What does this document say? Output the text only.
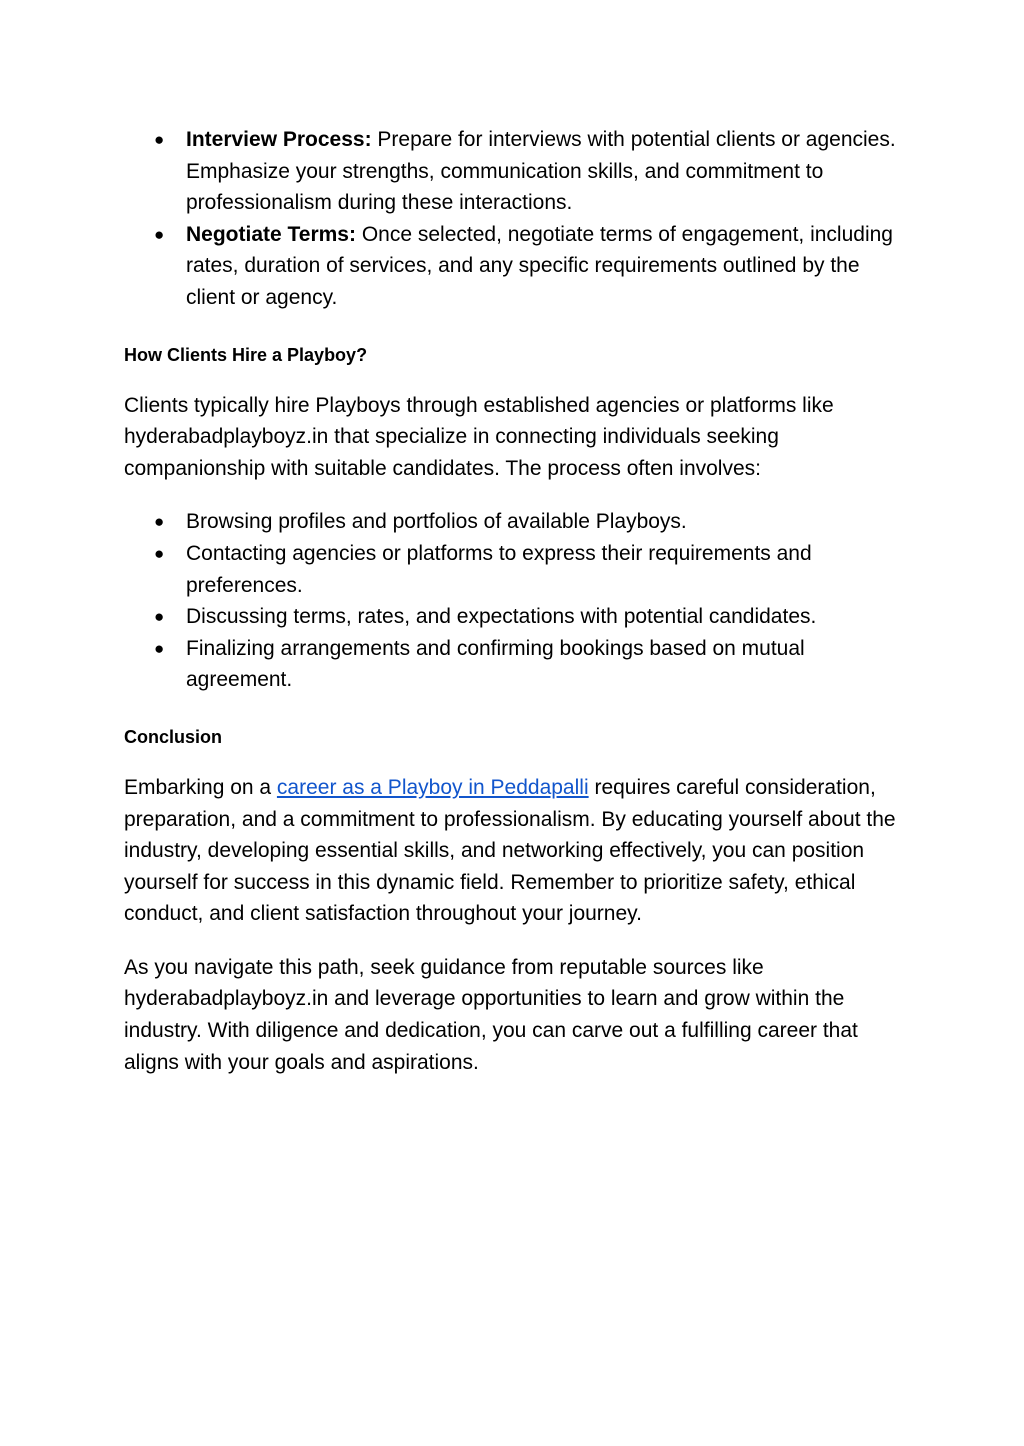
● Interview Process: Prepare for interviews with potential clients or agencies. Emphasize your strengths, communication skills, and commitment to professionalism during these interactions.
● Negotiate Terms: Once selected, negotiate terms of engagement, including rates, duration of services, and any specific requirements outlined by the client or agency.
How Clients Hire a Playboy?

Clients typically hire Playboys through established agencies or platforms like hyderabadplayboyz.in that specialize in connecting individuals seeking companionship with suitable candidates. The process often involves:

● Browsing profiles and portfolios of available Playboys.
● Contacting agencies or platforms to express their requirements and preferences.
● Discussing terms, rates, and expectations with potential candidates.
● Finalizing arrangements and confirming bookings based on mutual agreement.
Conclusion

Embarking on a career as a Playboy in Peddapalli requires careful consideration, preparation, and a commitment to professionalism. By educating yourself about the industry, developing essential skills, and networking effectively, you can position yourself for success in this dynamic field. Remember to prioritize safety, ethical conduct, and client satisfaction throughout your journey.

As you navigate this path, seek guidance from reputable sources like hyderabadplayboyz.in and leverage opportunities to learn and grow within the industry. With diligence and dedication, you can carve out a fulfilling career that aligns with your goals and aspirations.
